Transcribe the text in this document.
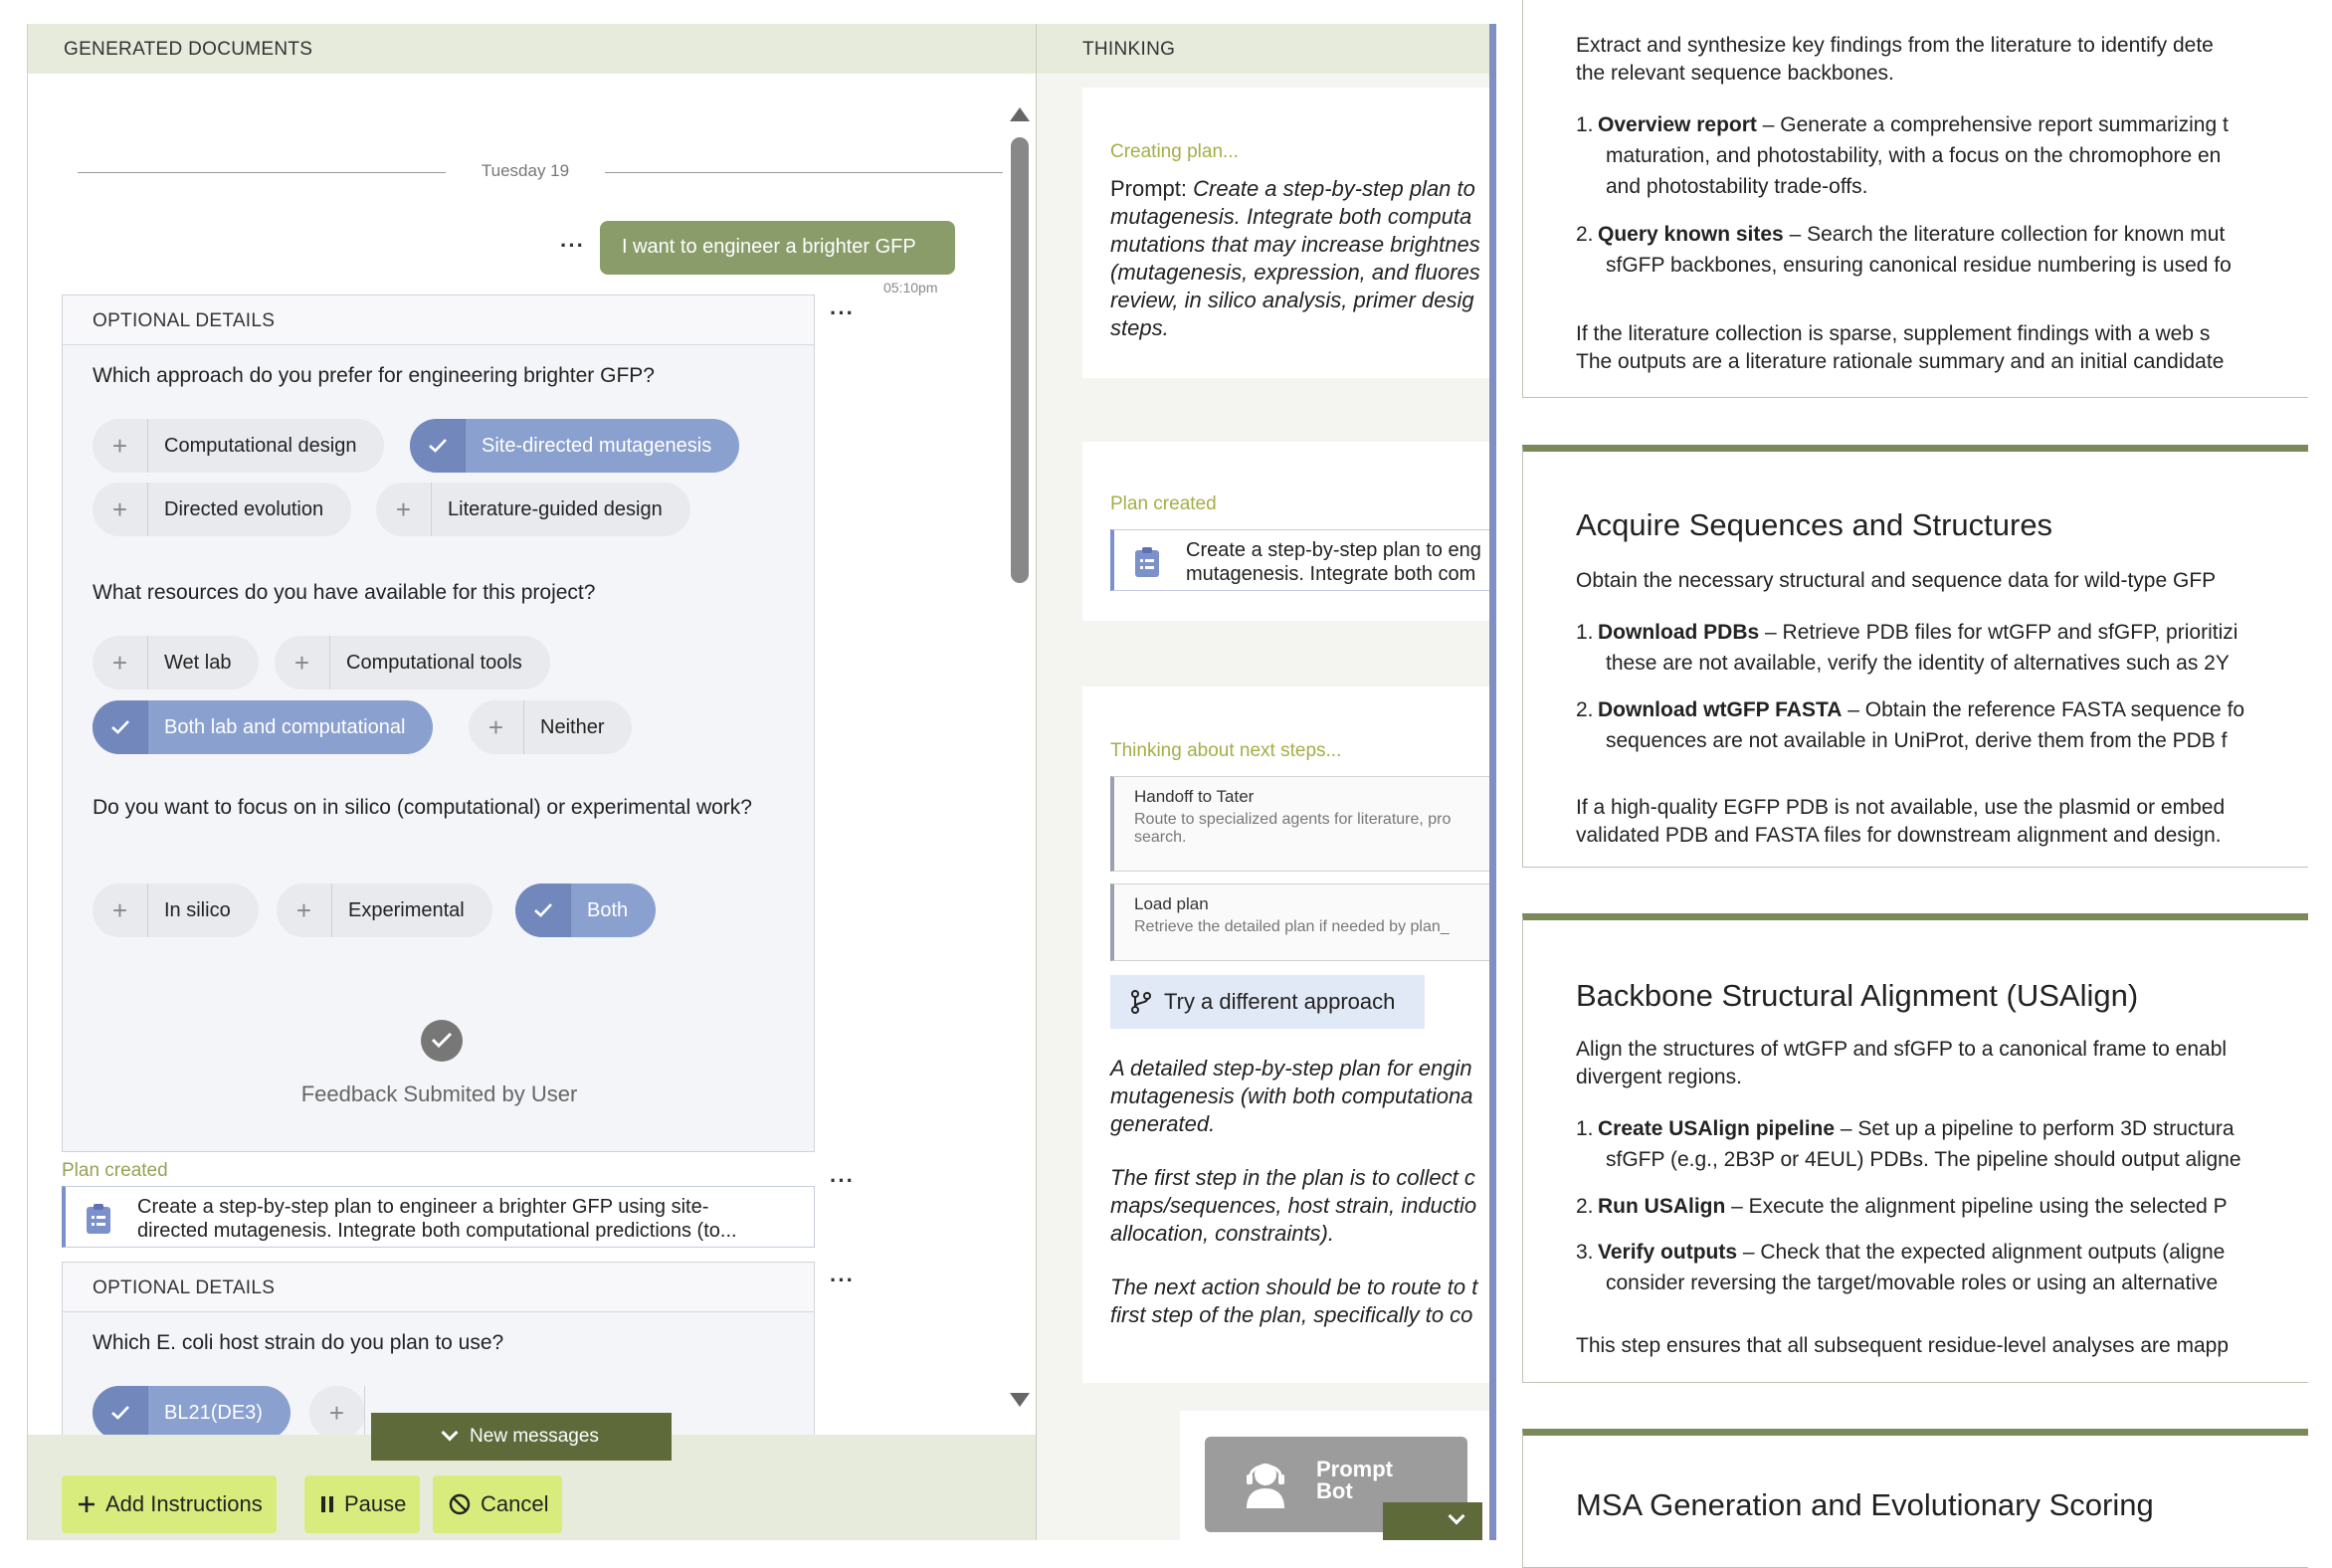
GENERATED DOCUMENTS
Tuesday 19
···	I want to engineer a brighter GFP
05:10pm
···
OPTIONAL DETAILS
Which approach do you prefer for engineering brighter GFP?
+	Computational design	Site-directed mutagenesis
+	Directed evolution	+	Literature-guided design
What resources do you have available for this project?
+	Wet lab	+	Computational tools
Both lab and computational	+	Neither
Do you want to focus on in silico (computational) or experimental work?
+	In silico	+	Experimental	Both
Feedback Submited by User
Plan created	···
Create a step-by-step plan to engineer a brighter GFP using site-
directed mutagenesis. Integrate both computational predictions (to...
···
OPTIONAL DETAILS
Which E. coli host strain do you plan to use?
BL21(DE3)	+
New messages
Add Instructions	Pause	Cancel
THINKING
Creating plan...
Prompt: Create a step-by-step plan to
mutagenesis. Integrate both computa
mutations that may increase brightnes
(mutagenesis, expression, and fluores
review, in silico analysis, primer desig
steps.
Plan created
Create a step-by-step plan to eng
mutagenesis. Integrate both com
Thinking about next steps...
Handoff to Tater
Route to specialized agents for literature, pro
search.
Load plan
Retrieve the detailed plan if needed by plan_
Try a different approach
A detailed step-by-step plan for engin
mutagenesis (with both computationa
generated.
The first step in the plan is to collect c
maps/sequences, host strain, inductio
allocation, constraints).
The next action should be to route to t
first step of the plan, specifically to co
Prompt
Bot
Extract and synthesize key findings from the literature to identify dete
the relevant sequence backbones.
1. Overview report – Generate a comprehensive report summarizing t
maturation, and photostability, with a focus on the chromophore en
and photostability trade-offs.
2. Query known sites – Search the literature collection for known mut
sfGFP backbones, ensuring canonical residue numbering is used fo
If the literature collection is sparse, supplement findings with a web s
The outputs are a literature rationale summary and an initial candidate
Acquire Sequences and Structures
Obtain the necessary structural and sequence data for wild-type GFP
1. Download PDBs – Retrieve PDB files for wtGFP and sfGFP, prioritizi
these are not available, verify the identity of alternatives such as 2Y
2. Download wtGFP FASTA – Obtain the reference FASTA sequence fo
sequences are not available in UniProt, derive them from the PDB f
If a high-quality EGFP PDB is not available, use the plasmid or embed
validated PDB and FASTA files for downstream alignment and design.
Backbone Structural Alignment (USAlign)
Align the structures of wtGFP and sfGFP to a canonical frame to enabl
divergent regions.
1. Create USAlign pipeline – Set up a pipeline to perform 3D structura
sfGFP (e.g., 2B3P or 4EUL) PDBs. The pipeline should output aligne
2. Run USAlign – Execute the alignment pipeline using the selected P
3. Verify outputs – Check that the expected alignment outputs (aligne
consider reversing the target/movable roles or using an alternative
This step ensures that all subsequent residue-level analyses are mapp
MSA Generation and Evolutionary Scoring
